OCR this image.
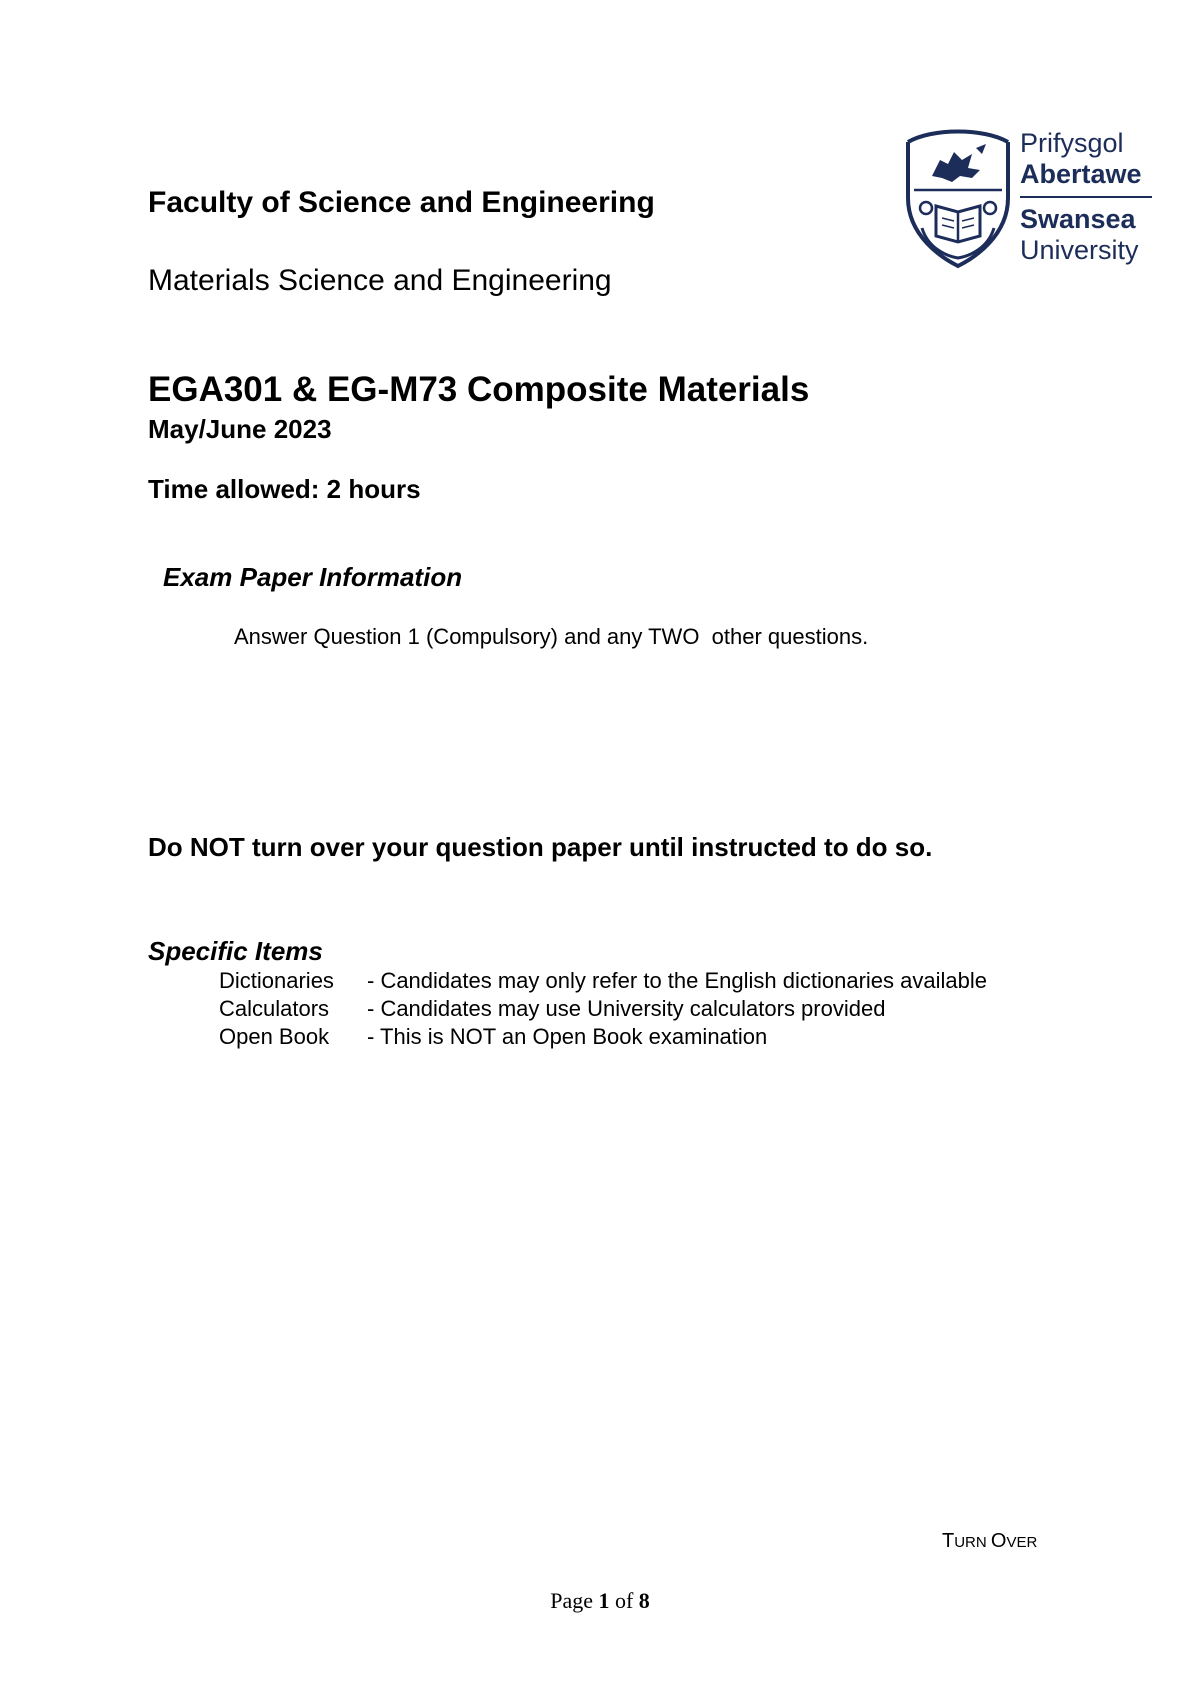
Prifysgol
Abertawe
Swansea
University
Faculty of Science and Engineering
Materials Science and Engineering
EGA301 & EG-M73 Composite Materials
May/June 2023
Time allowed: 2 hours
Exam Paper Information
Answer Question 1 (Compulsory) and any TWO  other questions.
Do NOT turn over your question paper until instructed to do so.
Specific Items
Dictionaries	- Candidates may only refer to the English dictionaries available
Calculators	- Candidates may use University calculators provided
Open Book	- This is NOT an Open Book examination
TURN OVER
Page 1 of 8
